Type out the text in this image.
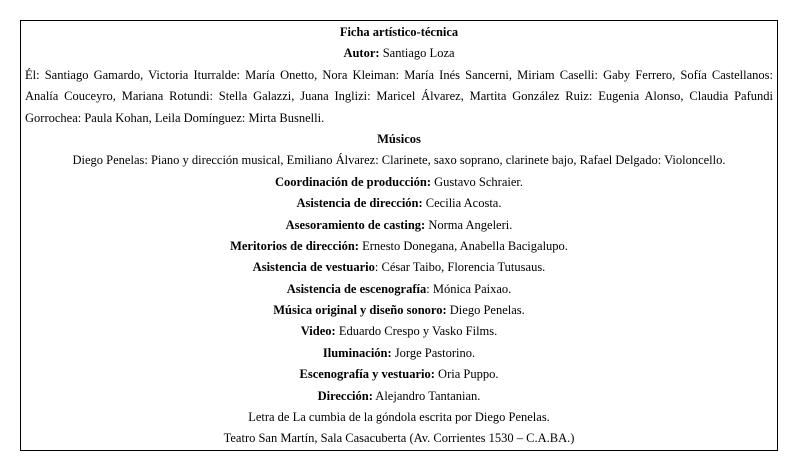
Ficha artístico-técnica
Autor: Santiago Loza
Él: Santiago Gamardo, Victoria Iturralde: María Onetto, Nora Kleiman: María Inés Sancerni, Miriam Caselli: Gaby Ferrero, Sofía Castellanos:
Analía Couceyro, Mariana Rotundi: Stella Galazzi, Juana Inglizi: Maricel Álvarez, Martita González Ruiz: Eugenia Alonso, Claudia Pafundi
Gorrochea: Paula Kohan, Leila Domínguez: Mirta Busnelli.
Músicos
Diego Penelas: Piano y dirección musical, Emiliano Álvarez: Clarinete, saxo soprano, clarinete bajo, Rafael Delgado: Violoncello.
Coordinación de producción: Gustavo Schraier.
Asistencia de dirección: Cecilia Acosta.
Asesoramiento de casting: Norma Angeleri.
Meritorios de dirección: Ernesto Donegana, Anabella Bacigalupo.
Asistencia de vestuario: César Taibo, Florencia Tutusaus.
Asistencia de escenografía: Mónica Paixao.
Música original y diseño sonoro: Diego Penelas.
Video: Eduardo Crespo y Vasko Films.
Iluminación: Jorge Pastorino.
Escenografía y vestuario: Oria Puppo.
Dirección: Alejandro Tantanian.
Letra de La cumbia de la góndola escrita por Diego Penelas.
Teatro San Martín, Sala Casacuberta (Av. Corrientes 1530 – C.A.BA.)
